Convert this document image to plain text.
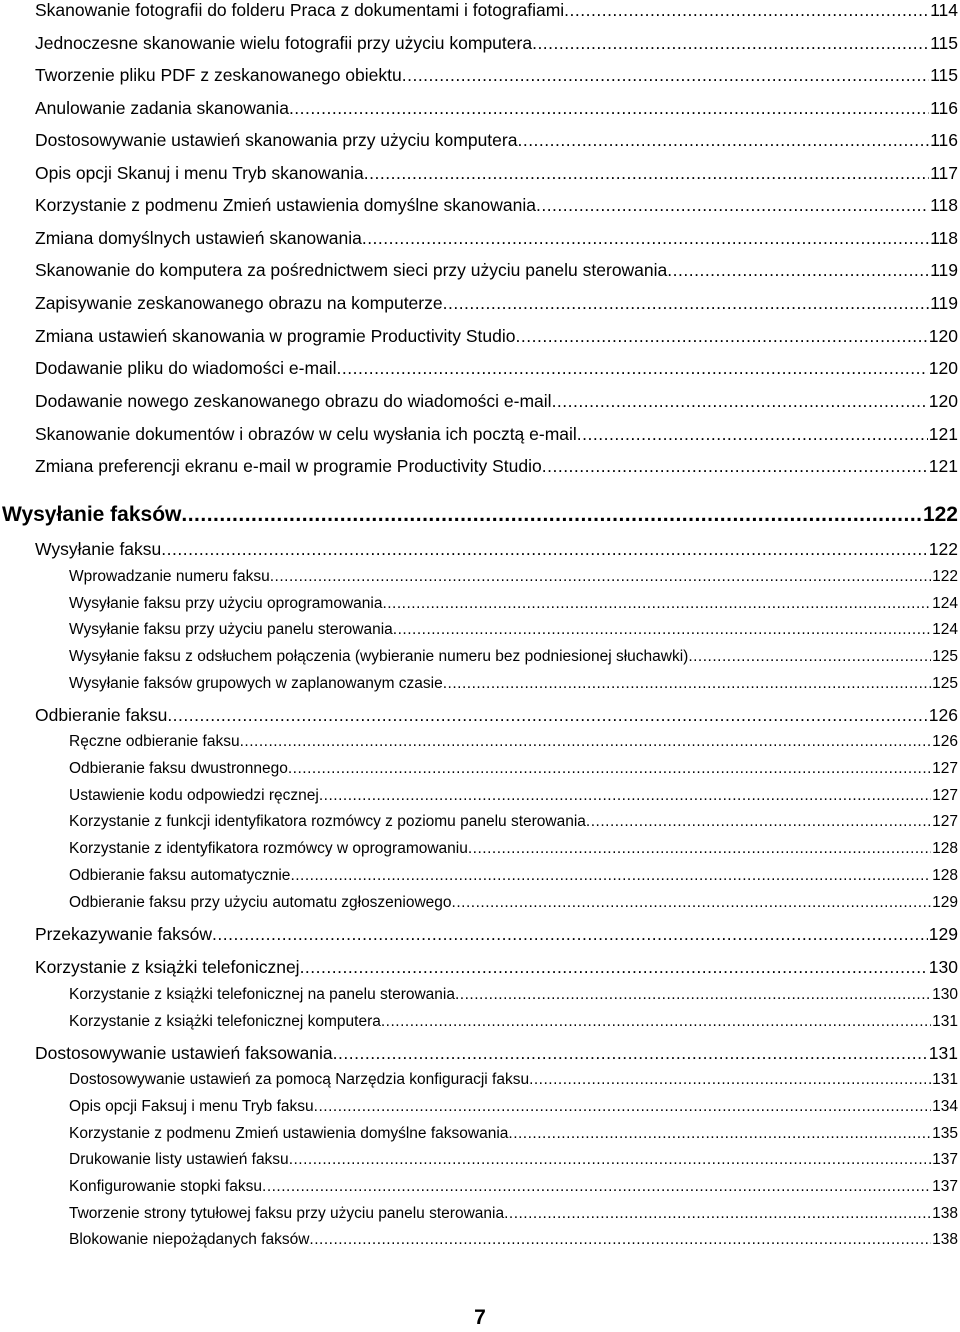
Skanowanie fotografii do folderu Praca z dokumentami i fotografiami .....	114
Jednoczesne skanowanie wielu fotografii przy użyciu komputera .....	115
Tworzenie pliku PDF z zeskanowanego obiektu .....	115
Anulowanie zadania skanowania .....	116
Dostosowywanie ustawień skanowania przy użyciu komputera .....	116
Opis opcji Skanuj i menu Tryb skanowania .....	117
Korzystanie z podmenu Zmień ustawienia domyślne skanowania .....	118
Zmiana domyślnych ustawień skanowania .....	118
Skanowanie do komputera za pośrednictwem sieci przy użyciu panelu sterowania .....	119
Zapisywanie zeskanowanego obrazu na komputerze .....	119
Zmiana ustawień skanowania w programie Productivity Studio .....	120
Dodawanie pliku do wiadomości e-mail .....	120
Dodawanie nowego zeskanowanego obrazu do wiadomości e-mail .....	120
Skanowanie dokumentów i obrazów w celu wysłania ich pocztą e-mail .....	121
Zmiana preferencji ekranu e-mail w programie Productivity Studio .....	121
Wysyłanie faksów .....	122
Wysyłanie faksu .....	122
Wprowadzanie numeru faksu .....	122
Wysyłanie faksu przy użyciu oprogramowania .....	124
Wysyłanie faksu przy użyciu panelu sterowania .....	124
Wysyłanie faksu z odsłuchem połączenia (wybieranie numeru bez podniesionej słuchawki) .....	125
Wysyłanie faksów grupowych w zaplanowanym czasie .....	125
Odbieranie faksu .....	126
Ręczne odbieranie faksu .....	126
Odbieranie faksu dwustronnego .....	127
Ustawienie kodu odpowiedzi ręcznej .....	127
Korzystanie z funkcji identyfikatora rozmówcy z poziomu panelu sterowania .....	127
Korzystanie z identyfikatora rozmówcy w oprogramowaniu .....	128
Odbieranie faksu automatycznie .....	128
Odbieranie faksu przy użyciu automatu zgłoszeniowego .....	129
Przekazywanie faksów .....	129
Korzystanie z książki telefonicznej .....	130
Korzystanie z książki telefonicznej na panelu sterowania .....	130
Korzystanie z książki telefonicznej komputera .....	131
Dostosowywanie ustawień faksowania .....	131
Dostosowywanie ustawień za pomocą Narzędzia konfiguracji faksu .....	131
Opis opcji Faksuj i menu Tryb faksu .....	134
Korzystanie z podmenu Zmień ustawienia domyślne faksowania .....	135
Drukowanie listy ustawień faksu .....	137
Konfigurowanie stopki faksu .....	137
Tworzenie strony tytułowej faksu przy użyciu panelu sterowania .....	138
Blokowanie niepożądanych faksów .....	138
7
